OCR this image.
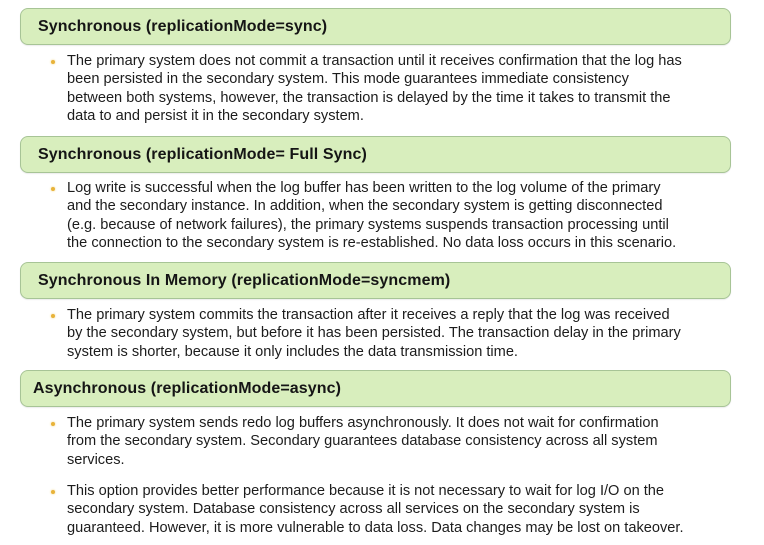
Synchronous (replicationMode=sync)
The primary system does not commit a transaction until it receives confirmation that the log has
been persisted in the secondary system. This mode guarantees immediate consistency
between both systems, however, the transaction is delayed by the time it takes to transmit the
data to and persist it in the secondary system.
Synchronous (replicationMode= Full Sync)
Log write is successful when the log buffer has been written to the log volume of the primary
and the secondary instance. In addition, when the secondary system is getting disconnected
(e.g. because of network failures), the primary systems suspends transaction processing until
the connection to the secondary system is re-established. No data loss occurs in this scenario.
Synchronous In Memory (replicationMode=syncmem)
The primary system commits the transaction after it receives a reply that the log was received
by the secondary system, but before it has been persisted. The transaction delay in the primary
system is shorter, because it only includes the data transmission time.
Asynchronous (replicationMode=async)
The primary system sends redo log buffers asynchronously. It does not wait for confirmation
from the secondary system. Secondary guarantees database consistency across all system
services.
This option provides better performance because it is not necessary to wait for log I/O on the
secondary system. Database consistency across all services on the secondary system is
guaranteed. However, it is more vulnerable to data loss. Data changes may be lost on takeover.
